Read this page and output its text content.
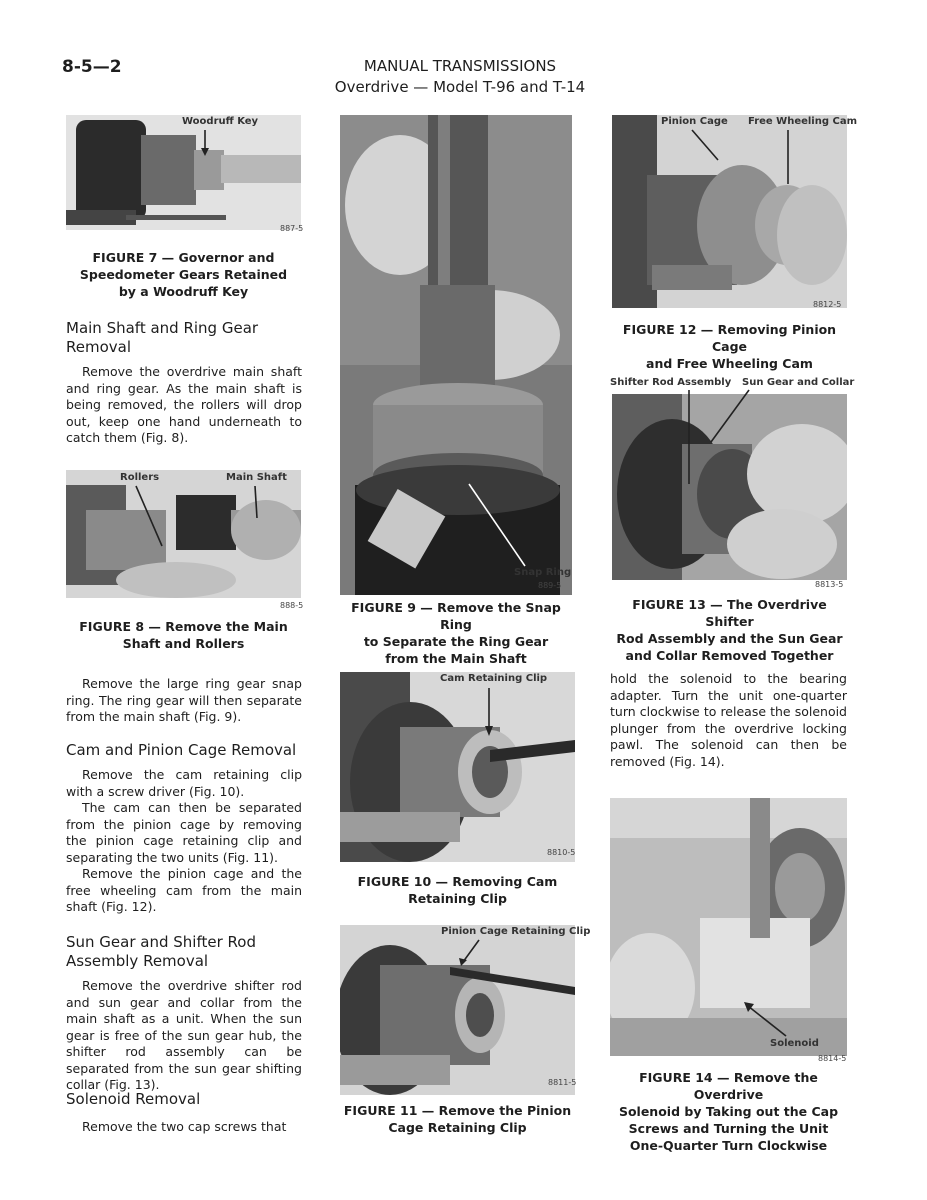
8-5—2	MANUAL TRANSMISSIONS
Overdrive — Model T-96 and T-14
Woodruff Key
887-5
FIGURE 7 — Governor and
Speedometer Gears Retained
by a Woodruff Key
Main Shaft and Ring Gear
Removal

Remove the overdrive main shaft and ring gear. As the main shaft is being removed, the rollers will drop out, keep one hand underneath to catch them (Fig. 8).

Rollers	Main Shaft
888-5
FIGURE 8 — Remove the Main
Shaft and Rollers

Remove the large ring gear snap ring. The ring gear will then separate from the main shaft (Fig. 9).

Cam and Pinion Cage Removal

Remove the cam retaining clip with a screw driver (Fig. 10).

The cam can then be separated from the pinion cage by removing the pinion cage retaining clip and separating the two units (Fig. 11).

Remove the pinion cage and the free wheeling cam from the main shaft (Fig. 12).

Sun Gear and Shifter Rod
Assembly Removal

Remove the overdrive shifter rod and sun gear and collar from the main shaft as a unit. When the sun gear is free of the sun gear hub, the shifter rod assembly can be separated from the sun gear shifting collar (Fig. 13).

Solenoid Removal

Remove the two cap screws that

Snap Ring
889-5
FIGURE 9 — Remove the Snap Ring
to Separate the Ring Gear
from the Main Shaft
Cam Retaining Clip
8810-5
FIGURE 10 — Removing Cam
Retaining Clip
Pinion Cage Retaining Clip
8811-5
FIGURE 11 — Remove the Pinion
Cage Retaining Clip
Pinion Cage Free Wheeling Cam
8812-5
FIGURE 12 — Removing Pinion Cage
and Free Wheeling Cam
Shifter Rod Assembly Sun Gear and Collar
8813-5
FIGURE 13 — The Overdrive Shifter
Rod Assembly and the Sun Gear
and Collar Removed Together

hold the solenoid to the bearing adapter. Turn the unit one-quarter turn clockwise to release the solenoid plunger from the overdrive locking pawl. The solenoid can then be removed (Fig. 14).

Solenoid
8814-5
FIGURE 14 — Remove the Overdrive
Solenoid by Taking out the Cap
Screws and Turning the Unit
One-Quarter Turn Clockwise
